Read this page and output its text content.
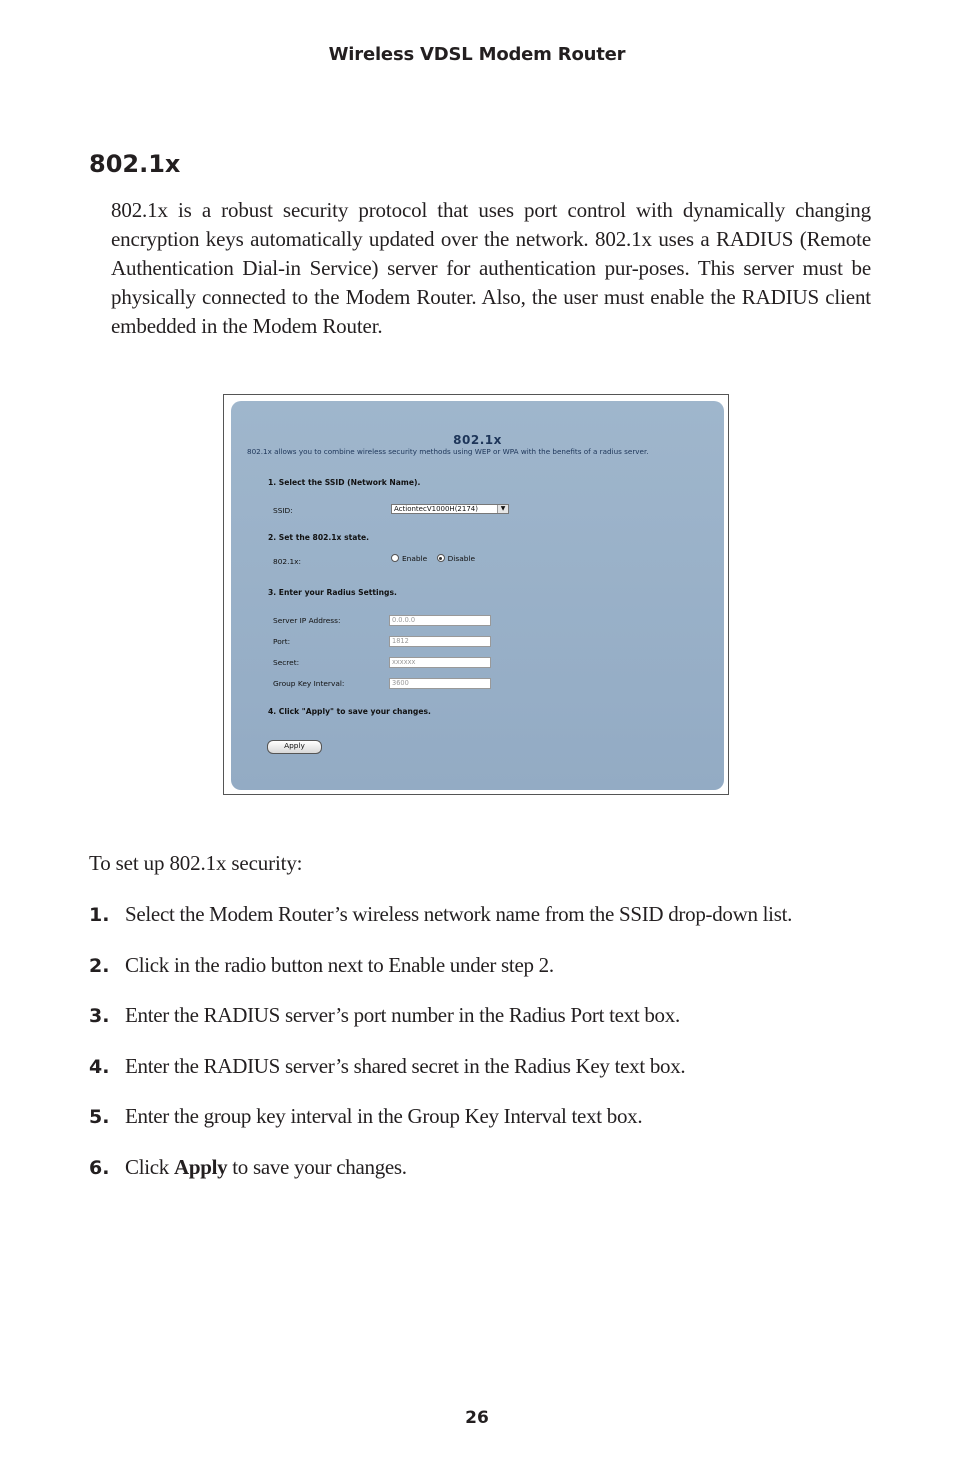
Wireless VDSL Modem Router
802.1x

802.1x is a robust security protocol that uses port control with dynamically changing encryption keys automatically updated over the network. 802.1x uses a RADIUS (Remote Authentication Dial-in Service) server for authentication pur-poses. This server must be physically connected to the Modem Router. Also, the user must enable the RADIUS client embedded in the Modem Router.

802.1x
802.1x allows you to combine wireless security methods using WEP or WPA with the benefits of a radius server.
1. Select the SSID (Network Name).
SSID:	ActiontecV1000H(2174)	▼
2. Set the 802.1x state.
802.1x:	Enable	Disable
3. Enter your Radius Settings.
Server IP Address:	0.0.0.0
Port:	1812
Secret:	xxxxxx
Group Key Interval:	3600
4. Click "Apply" to save your changes.
Apply

To set up 802.1x security:

1. Select the Modem Router’s wireless network name from the SSID drop-down list.
2. Click in the radio button next to Enable under step 2.
3. Enter the RADIUS server’s port number in the Radius Port text box.
4. Enter the RADIUS server’s shared secret in the Radius Key text box.
5. Enter the group key interval in the Group Key Interval text box.
6. Click Apply to save your changes.
26
